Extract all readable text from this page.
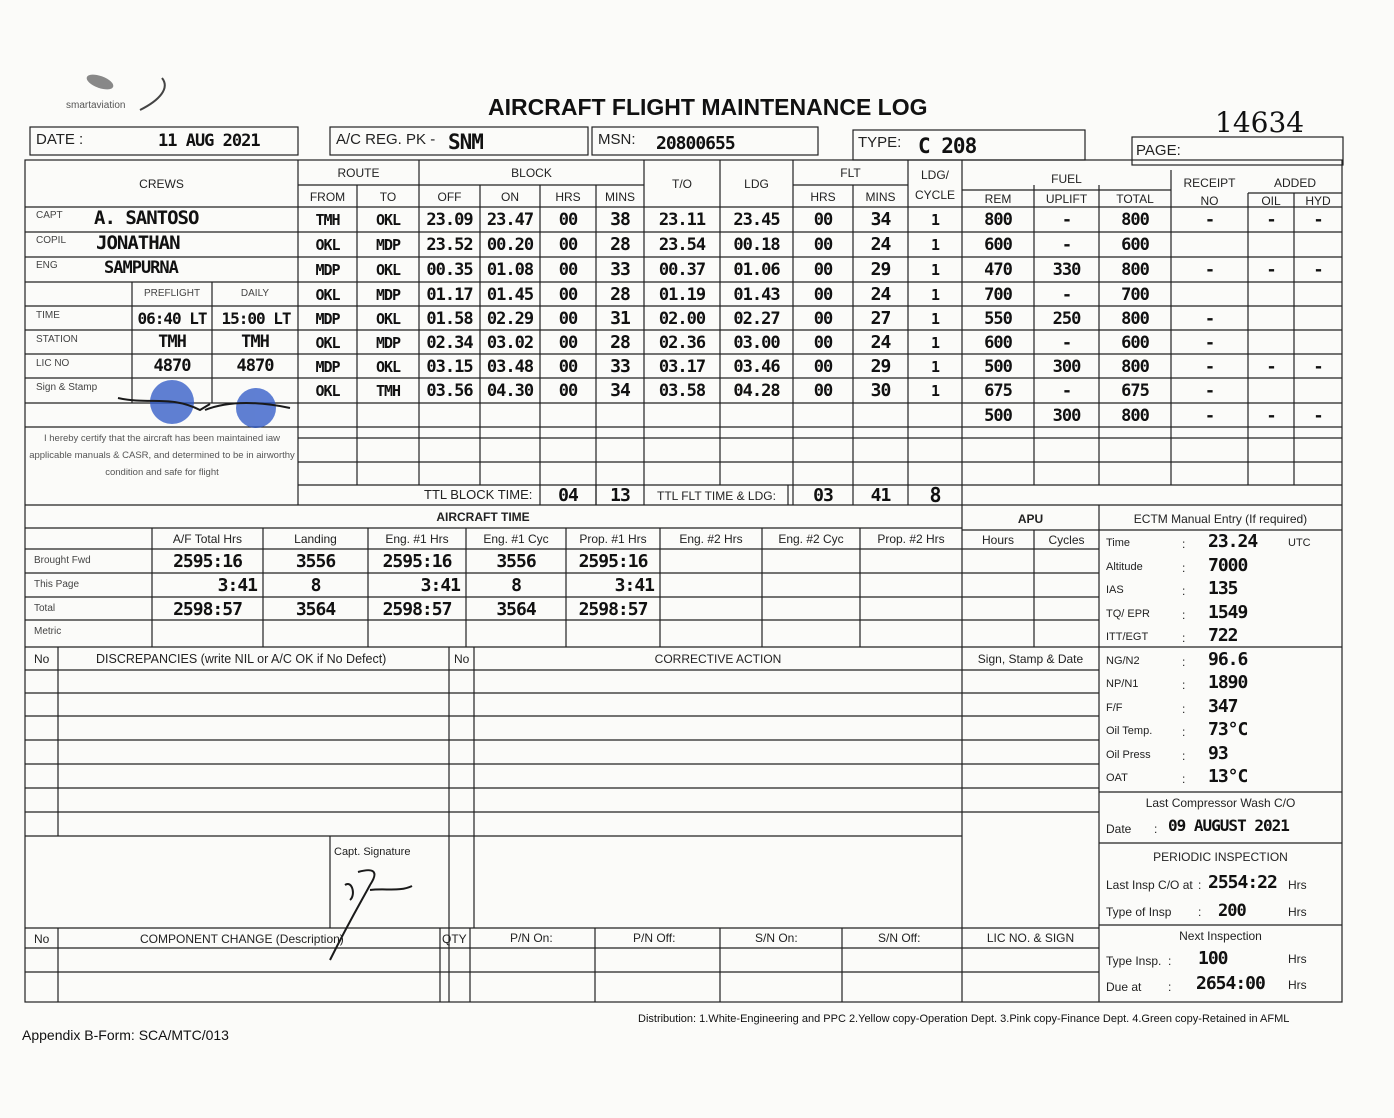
smartaviation	AIRCRAFT FLIGHT MAINTENANCE LOG	14634
DATE :	11 AUG 2021	A/C REG. PK - SNM	MSN: 20800655	TYPE: C 208	PAGE:
CREWS
ROUTE
FROM	TO
BLOCK
OFF	ON	HRS	MINS
T/O	LDG
FLT
HRS	MINS
LDG/ CYCLE
FUEL
REM	UPLIFT	TOTAL
RECEIPT
NO
ADDED
OIL	HYD
CAPT A. SANTOSO
COPIL JONATHAN
ENG	SAMPURNA
PREFLIGHT	DAILY
TIME	06:40 LT 15:00 LT
STATION	TMH	TMH
LIC NO	4870	4870
Sign & Stamp
I hereby certify that the aircraft has been maintained iaw applicable manuals & CASR, and determined to be in airworthy condition and safe for flight
TMH	OKL	23.09 23.47	00	38	23.11	23.45	00	34	1	800	-	800	-	-	-
OKL	MDP	23.52 00.20	00	28	23.54	00.18	00	24	1	600	-	600
MDP	OKL	00.35 01.08	00	33	00.37	01.06	00	29	1	470	330	800	-	-	-
OKL	MDP	01.17 01.45	00	28	01.19	01.43	00	24	1	700	-	700
MDP	OKL	01.58 02.29	00	31	02.00	02.27	00	27	1	550	250	800	-
OKL	MDP	02.34 03.02	00	28	02.36	03.00	00	24	1	600	-	600	-
MDP	OKL	03.15 03.48	00	33	03.17	03.46	00	29	1	500	300	800	-	-	-
OKL	TMH	03.56 04.30	00	34	03.58	04.28	00	30	1	675	-	675	-
500	300	800	-	-	-
TTL BLOCK TIME:	04	13	TTL FLT TIME & LDG:	03	41	8
AIRCRAFT TIME
A/F Total Hrs	Landing	Eng. #1 Hrs	Eng. #1 Cyc	Prop. #1 Hrs	Eng. #2 Hrs	Eng. #2 Cyc	Prop. #2 Hrs
Brought Fwd	2595:16	3556	2595:16	3556	2595:16
This Page	3:41	8	3:41	8	3:41
Total	2598:57	3564	2598:57	3564	2598:57
Metric
APU
Hours	Cycles
ECTM Manual Entry (If required)
Time	: 23.24	UTC
Altitude	: 7000
IAS	: 135
TQ/ EPR	: 1549
ITT/EGT	: 722
NG/N2	: 96.6
NP/N1	: 1890
F/F	: 347
Oil Temp. : 73°C
Oil Press	: 93
OAT	: 13°C
Last Compressor Wash C/O
Date : 09 AUGUST 2021
PERIODIC INSPECTION
Last Insp C/O at : 2554:22 Hrs
Type of Insp : 200	Hrs
Next Inspection
Type Insp. : 100	Hrs
Due at : 2654:00 Hrs
No	DISCREPANCIES (write NIL or A/C OK if No Defect)	No	CORRECTIVE ACTION	Sign, Stamp & Date
Capt. Signature
No	COMPONENT CHANGE (Description)	QTY	P/N On:	P/N Off:	S/N On:	S/N Off:	LIC NO. & SIGN
Appendix B-Form: SCA/MTC/013
Distribution: 1.White-Engineering and PPC 2.Yellow copy-Operation Dept. 3.Pink copy-Finance Dept. 4.Green copy-Retained in AFML
